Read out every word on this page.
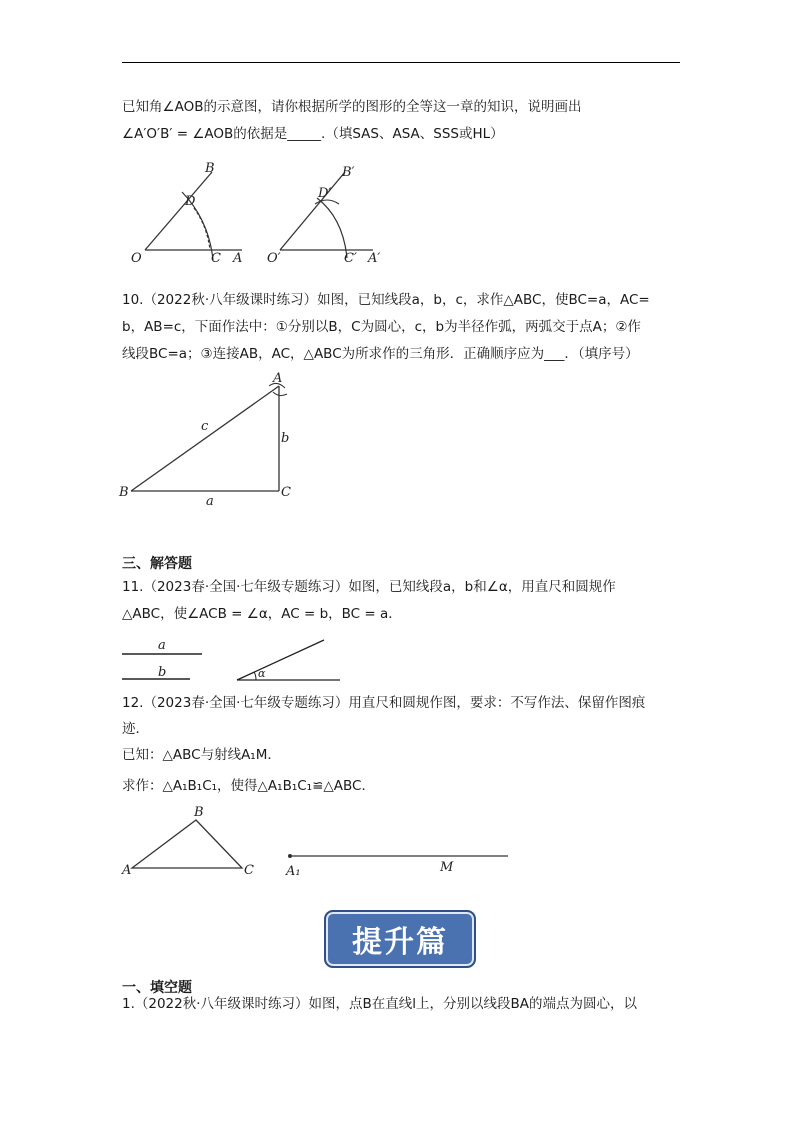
已知角∠AOB的示意图，请你根据所学的图形的全等这一章的知识，说明画出
∠A′O′B′ = ∠AOB的依据是_____.（填SAS、ASA、SSS或HL）
O	A
B
C
D
O′	A′
B′
C′
D′
10.（2022秋·八年级课时练习）如图，已知线段a，b，c，求作△ABC，使BC=a，AC=
b，AB=c，下面作法中：①分别以B，C为圆心，c，b为半径作弧，两弧交于点A；②作
线段BC=a；③连接AB，AC，△ABC为所求作的三角形．正确顺序应为___．（填序号）
A
B	C
a
b
c
三、解答题
11.（2023春·全国·七年级专题练习）如图，已知线段a，b和∠α，用直尺和圆规作
△ABC，使∠ACB = ∠α，AC = b，BC = a．
a
b	α
12.（2023春·全国·七年级专题练习）用直尺和圆规作图，要求：不写作法、保留作图痕
迹．
已知：△ABC与射线A₁M．
求作：△A₁B₁C₁，使得△A₁B₁C₁≌△ABC．
A
B
C A₁	M
提升篇
一、填空题
1.（2022秋·八年级课时练习）如图，点B在直线l上，分别以线段BA的端点为圆心，以
